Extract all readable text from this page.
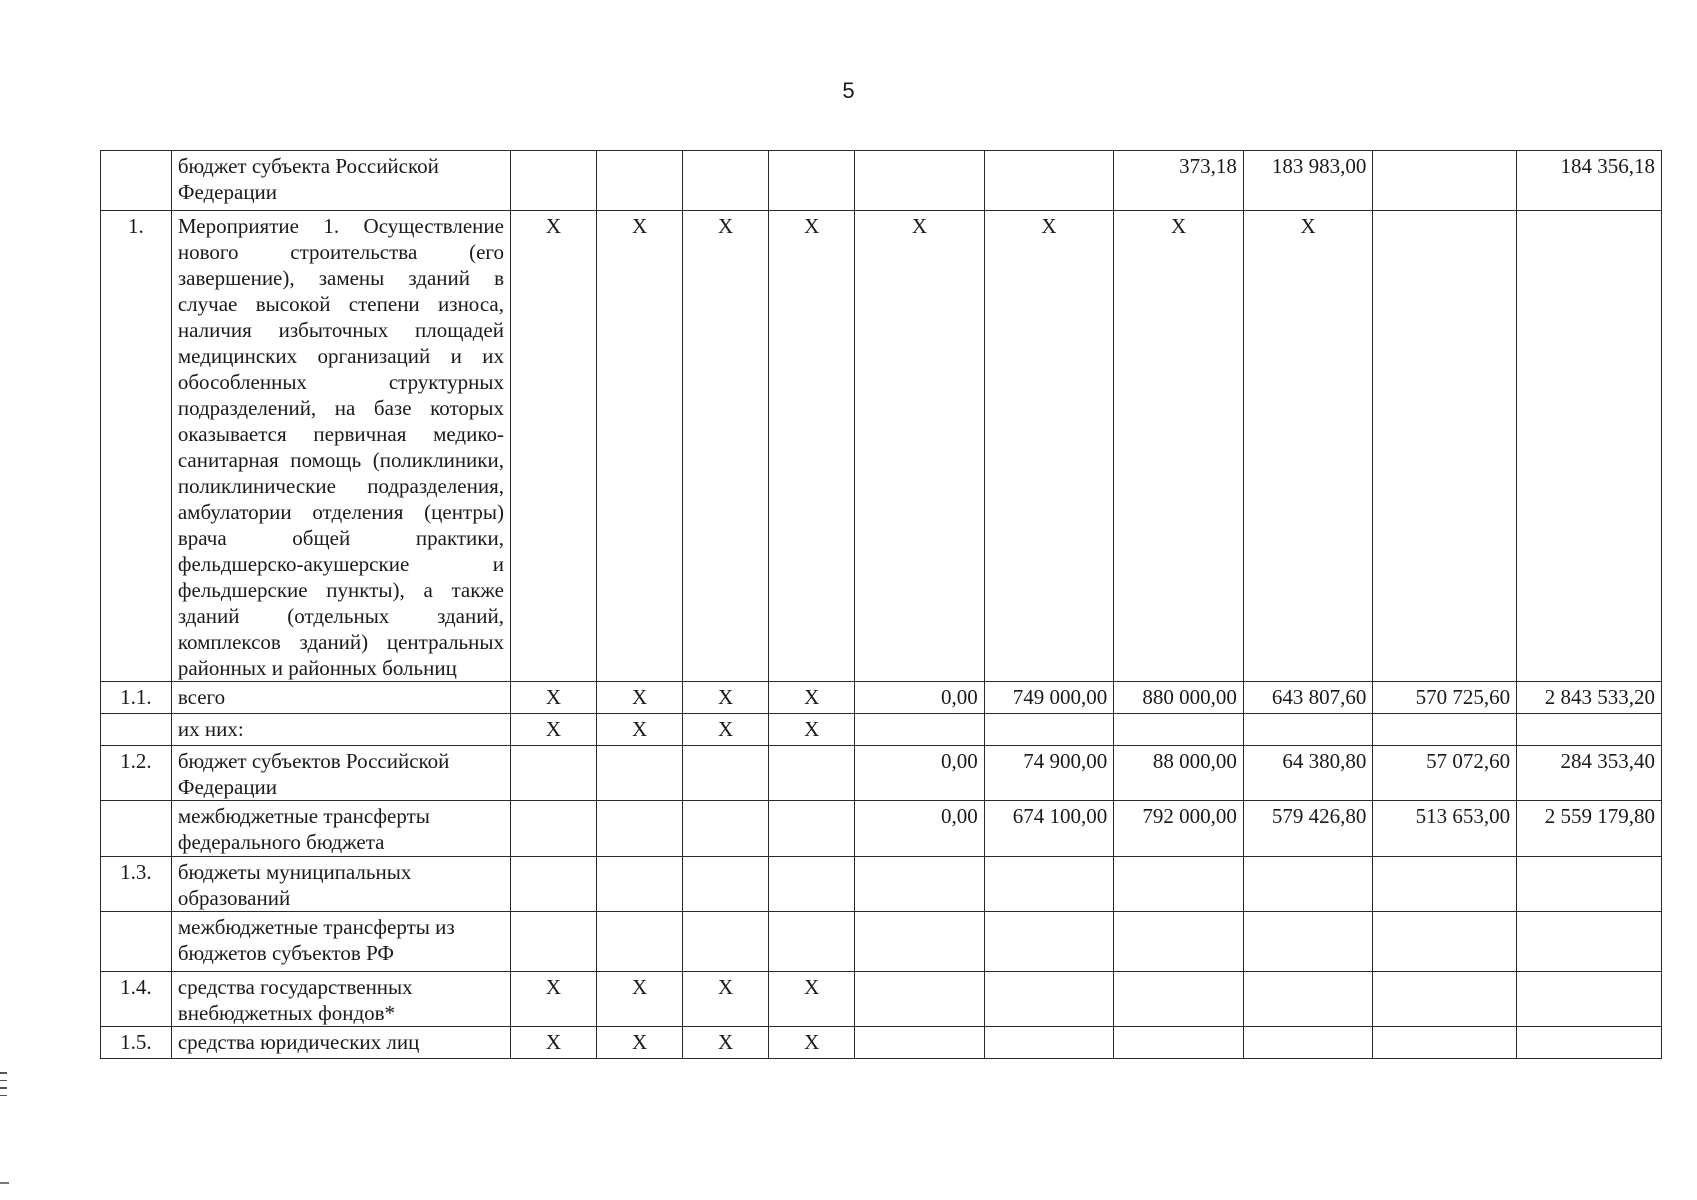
5
	бюджет субъекта Российской Федерации							373,18	183 983,00		184 356,18
1.	Мероприятие 1. Осуществление нового строительства (его завершение), замены зданий в случае высокой степени износа, наличия избыточных площадей медицинских организаций и их обособленных структурных подразделений, на базе которых оказывается первичная медико-санитарная помощь (поликлиники, поликлинические подразделения, амбулатории отделения (центры) врача общей практики, фельдшерско-акушерские и фельдшерские пункты), а также зданий (отдельных зданий, комплексов зданий) центральных районных и районных больниц	Х	Х	Х	Х	Х	Х	Х	Х		
1.1.	всего	Х	Х	Х	Х	0,00	749 000,00	880 000,00	643 807,60	570 725,60	2 843 533,20
	их них:	Х	Х	Х	Х						
1.2.	бюджет субъектов Российской Федерации					0,00	74 900,00	88 000,00	64 380,80	57 072,60	284 353,40
	межбюджетные трансферты федерального бюджета					0,00	674 100,00	792 000,00	579 426,80	513 653,00	2 559 179,80
1.3.	бюджеты муниципальных образований										
	межбюджетные трансферты из бюджетов субъектов РФ										
1.4.	средства государственных внебюджетных фондов*	Х	Х	Х	Х						
1.5.	средства юридических лиц	Х	Х	Х	Х						
